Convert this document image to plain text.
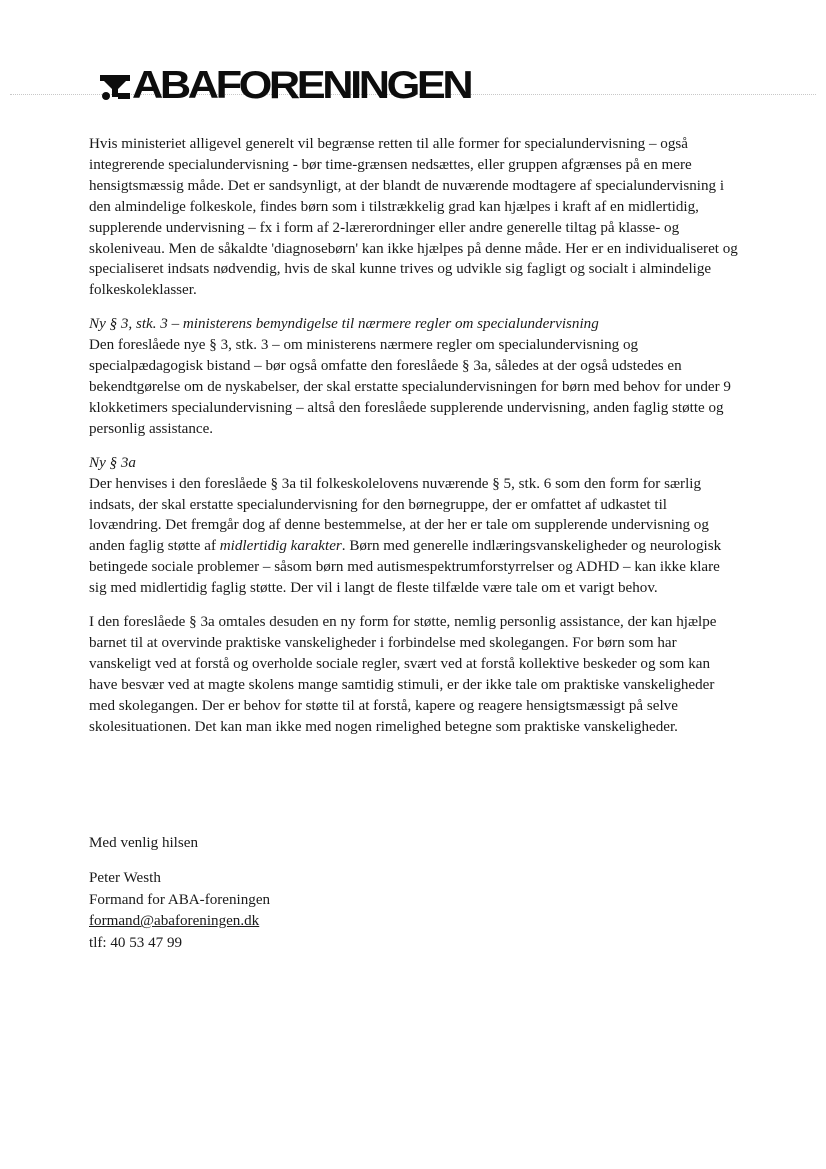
ABAFORENINGEN

Hvis ministeriet alligevel generelt vil begrænse retten til alle former for specialundervisning – også integrerende specialundervisning - bør time-grænsen nedsættes, eller gruppen afgrænses på en mere hensigtsmæssig måde. Det er sandsynligt, at der blandt de nuværende modtagere af specialundervisning i den almindelige folkeskole, findes børn som i tilstrækkelig grad kan hjælpes i kraft af en midlertidig, supplerende undervisning – fx i form af 2-lærerordninger eller andre generelle tiltag på klasse- og skoleniveau. Men de såkaldte 'diagnosebørn' kan ikke hjælpes på denne måde. Her er en individualiseret og specialiseret indsats nødvendig, hvis de skal kunne trives og udvikle sig fagligt og socialt i almindelige folkeskoleklasser.

Ny § 3, stk. 3 – ministerens bemyndigelse til nærmere regler om specialundervisning

Den foreslåede nye § 3, stk. 3 – om ministerens nærmere regler om specialundervisning og specialpædagogisk bistand – bør også omfatte den foreslåede § 3a, således at der også udstedes en bekendtgørelse om de nyskabelser, der skal erstatte specialundervisningen for børn med behov for under 9 klokketimers specialundervisning – altså den foreslåede supplerende undervisning, anden faglig støtte og personlig assistance.

Ny § 3a

Der henvises i den foreslåede § 3a til folkeskolelovens nuværende § 5, stk. 6 som den form for særlig indsats, der skal erstatte specialundervisning for den børnegruppe, der er omfattet af udkastet til lovændring. Det fremgår dog af denne bestemmelse, at der her er tale om supplerende undervisning og anden faglig støtte af midlertidig karakter. Børn med generelle indlæringsvanskeligheder og neurologisk betingede sociale problemer – såsom børn med autismespektrumforstyrrelser og ADHD – kan ikke klare sig med midlertidig faglig støtte. Der vil i langt de fleste tilfælde være tale om et varigt behov.

I den foreslåede § 3a omtales desuden en ny form for støtte, nemlig personlig assistance, der kan hjælpe barnet til at overvinde praktiske vanskeligheder i forbindelse med skolegangen. For børn som har vanskeligt ved at forstå og overholde sociale regler, svært ved at forstå kollektive beskeder og som kan have besvær ved at magte skolens mange samtidig stimuli, er der ikke tale om praktiske vanskeligheder med skolegangen. Der er behov for støtte til at forstå, kapere og reagere hensigtsmæssigt på selve skolesituationen. Det kan man ikke med nogen rimelighed betegne som praktiske vanskeligheder.

Med venlig hilsen
Peter Westh
Formand for ABA-foreningen
formand@abaforeningen.dk
tlf: 40 53 47 99
